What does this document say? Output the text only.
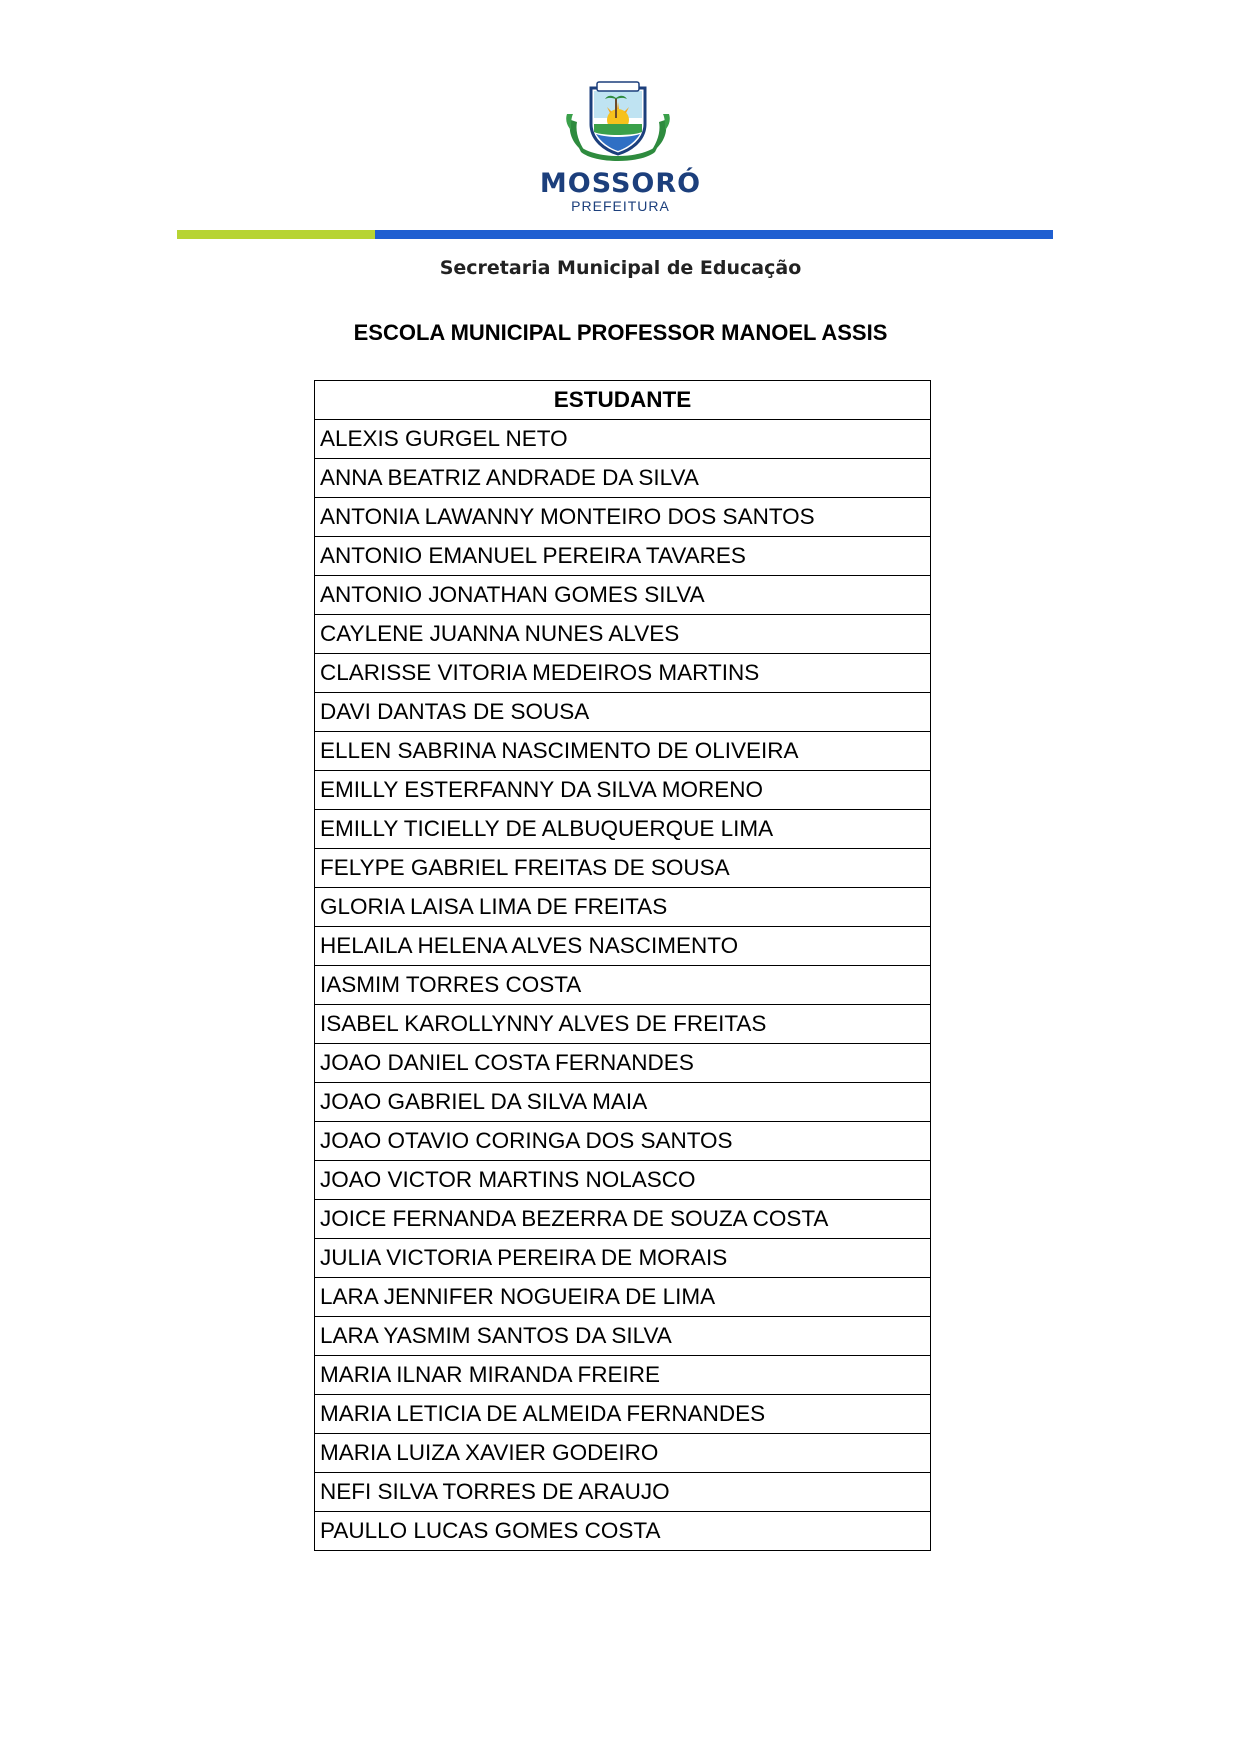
MOSSORÓ
PREFEITURA
Secretaria Municipal de Educação
ESCOLA MUNICIPAL PROFESSOR MANOEL ASSIS
ESTUDANTE
ALEXIS GURGEL NETO
ANNA BEATRIZ ANDRADE DA SILVA
ANTONIA LAWANNY MONTEIRO DOS SANTOS
ANTONIO EMANUEL PEREIRA TAVARES
ANTONIO JONATHAN GOMES SILVA
CAYLENE JUANNA NUNES ALVES
CLARISSE VITORIA MEDEIROS MARTINS
DAVI DANTAS DE SOUSA
ELLEN SABRINA NASCIMENTO DE OLIVEIRA
EMILLY ESTERFANNY DA SILVA MORENO
EMILLY TICIELLY DE ALBUQUERQUE LIMA
FELYPE GABRIEL FREITAS DE SOUSA
GLORIA LAISA LIMA DE FREITAS
HELAILA HELENA ALVES NASCIMENTO
IASMIM TORRES COSTA
ISABEL KAROLLYNNY ALVES DE FREITAS
JOAO DANIEL COSTA FERNANDES
JOAO GABRIEL DA SILVA MAIA
JOAO OTAVIO CORINGA DOS SANTOS
JOAO VICTOR MARTINS NOLASCO
JOICE FERNANDA BEZERRA DE SOUZA COSTA
JULIA VICTORIA PEREIRA DE MORAIS
LARA JENNIFER NOGUEIRA DE LIMA
LARA YASMIM SANTOS DA SILVA
MARIA ILNAR MIRANDA FREIRE
MARIA LETICIA DE ALMEIDA FERNANDES
MARIA LUIZA XAVIER GODEIRO
NEFI SILVA TORRES DE ARAUJO
PAULLO LUCAS GOMES COSTA
